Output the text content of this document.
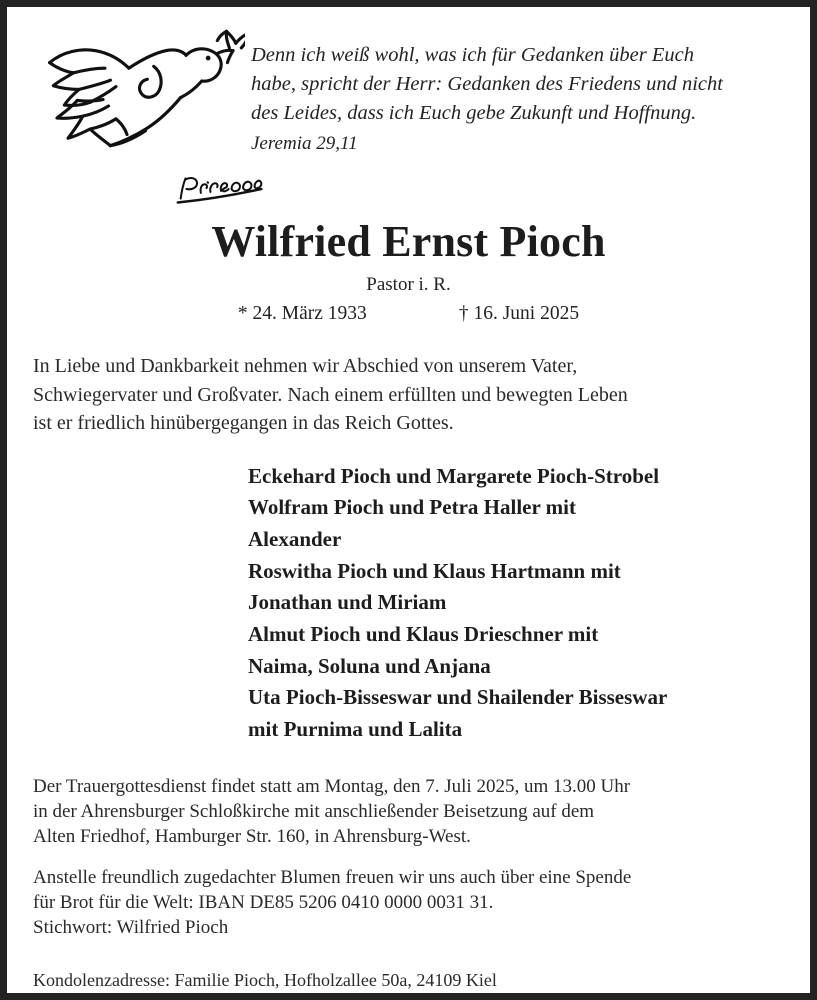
Denn ich weiß wohl, was ich für Gedanken über Euch
habe, spricht der Herr: Gedanken des Friedens und nicht
des Leides, dass ich Euch gebe Zukunft und Hoffnung.
Jeremia 29,11
Wilfried Ernst Pioch
Pastor i. R.
* 24. März 1933	† 16. Juni 2025
In Liebe und Dankbarkeit nehmen wir Abschied von unserem Vater,
Schwiegervater und Großvater. Nach einem erfüllten und bewegten Leben
ist er friedlich hinübergegangen in das Reich Gottes.
Eckehard Pioch und Margarete Pioch-Strobel
Wolfram Pioch und Petra Haller mit
Alexander
Roswitha Pioch und Klaus Hartmann mit
Jonathan und Miriam
Almut Pioch und Klaus Drieschner mit
Naima, Soluna und Anjana
Uta Pioch-Bisseswar und Shailender Bisseswar
mit Purnima und Lalita
Der Trauergottesdienst findet statt am Montag, den 7. Juli 2025, um 13.00 Uhr
in der Ahrensburger Schloßkirche mit anschließender Beisetzung auf dem
Alten Friedhof, Hamburger Str. 160, in Ahrensburg-West.
Anstelle freundlich zugedachter Blumen freuen wir uns auch über eine Spende
für Brot für die Welt: IBAN DE85 5206 0410 0000 0031 31.
Stichwort: Wilfried Pioch
Kondolenzadresse: Familie Pioch, Hofholzallee 50a, 24109 Kiel
